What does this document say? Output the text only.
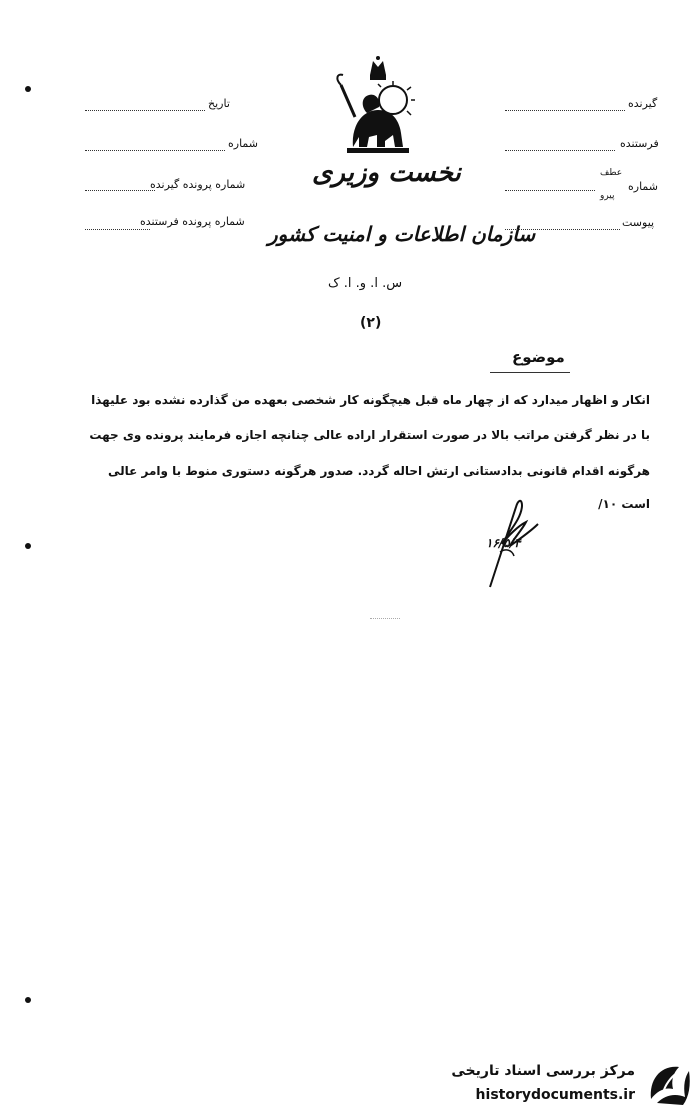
تاریخ
شماره
شماره پرونده گیرنده
شماره پرونده فرستنده
نخست وزیری
سازمان اطلاعات و امنیت کشور
س. ا. و. ا. ک
(۲)
گیرنده
فرستنده
عطف
پیرو
شماره
پیوست
موضوع
انکار و اظهار میدارد که از چهار ماه قبل هیچگونه کار شخصی بعهده من گذارده نشده بود علیهذا
با در نظر گرفتن مراتب بالا در صورت استقرار اراده عالی چنانچه اجازه فرمایند پرونده وی جهت
هرگونه اقدام قانونی بدادستانی ارتش احاله گردد. صدور هرگونه دستوری منوط با وامر عالی
است ۱۰/
۱۶/۵/۴
مرکز بررسی اسناد تاریخی
historydocuments.ir
